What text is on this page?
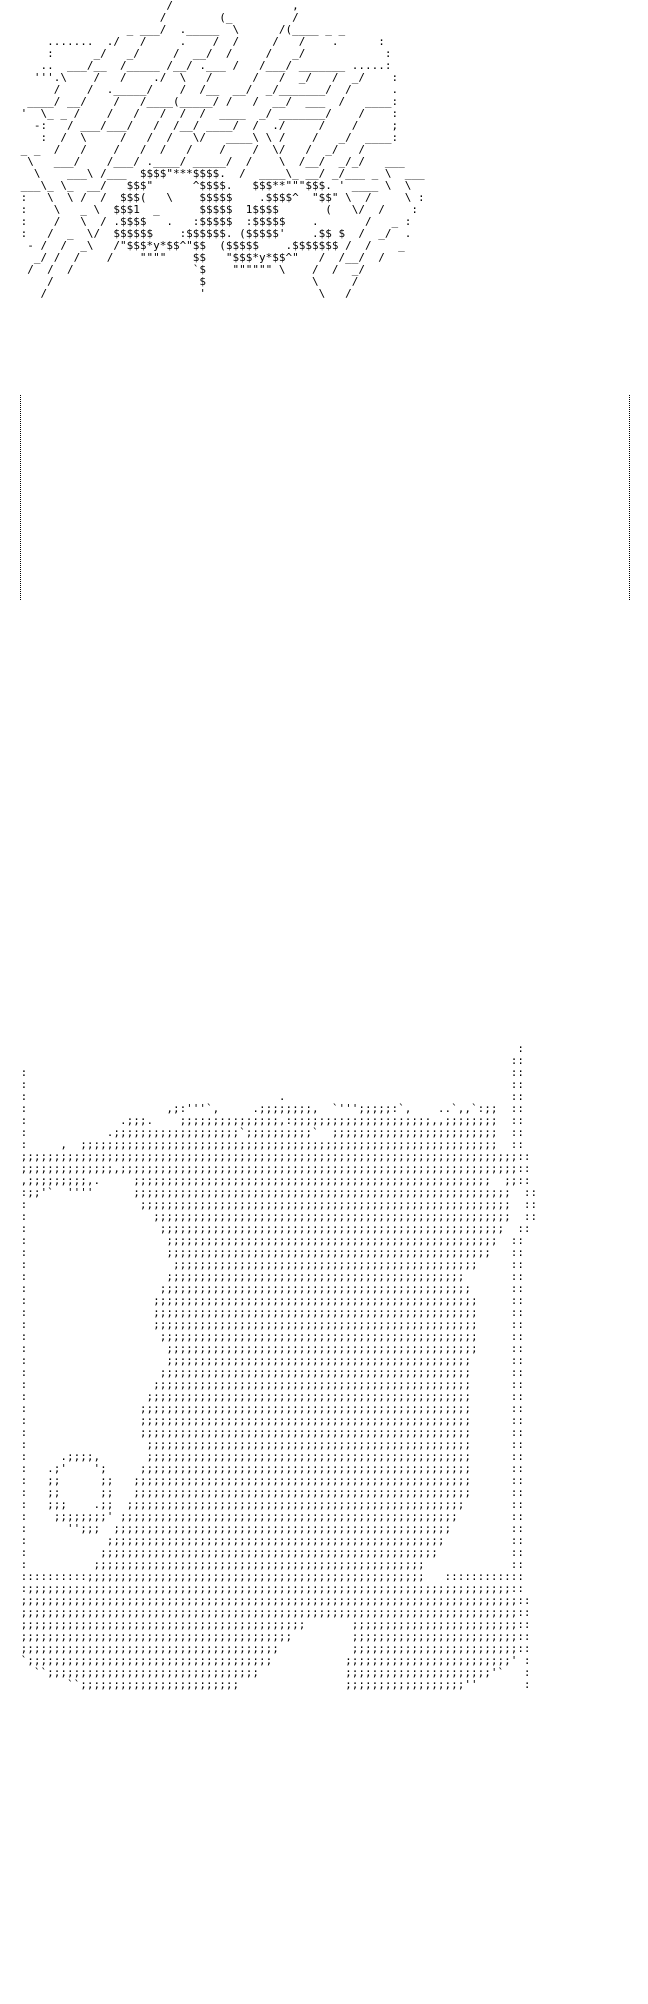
/                  ,
/        (_         /
_ ___/  ._____  \      /(____ _ _
.......  ./   /     .    /  /     /   /    .      :
:      _/   _/     /  __/  /     /   _/            :
..  ___/__  /_____ /__/ .___ /   /___/ _______ .....:
'''.\    /   /    ./  \   /      /   /  _/   /  _/    :
/    /  ._____/    /  /__  __/  _/_______/  /      .
____/ __/    /   /____(_____/ /   /  __/  ___  /   ____:
'  \_ _ /    /   /   /  /  /  ____  _/ _______/    /    :
-:   / ___/___/   /  /__/ ____/  /  ./     /    /     ;
:  /  \     /   /  /   \/   ____\ \ /    /   _/  ____:
_ _  /   /    /   /  /   /    /    /  \/   /  _/   /
\   ___/    /___/ .____/ _____/  /    \  /__/  _/_/   ___
\    ___\ /___  $$$$"***$$$$.  /  ____\_ __/ _/___ _ \  ___
___\_ \_  __/   $$$"      ^$$$$.   $$$**"""$$$. ' ____ \  \
:   \  \ /  /  $$$(   \    $$$$$    .$$$$^  "$$" \  /     \ :
:    \   _ \  $$$1  _      $$$$$  1$$$$       (   \/  /    :
:    /   \  / .$$$$   .   :$$$$$  :$$$$$    .       /   _ :
:   /  _  \/  $$$$$$    :$$$$$$. ($$$$$'    .$$ $  /  _/  .
- /  /  _\   /"$$$*y*$$^"$$  ($$$$$    .$$$$$$$ /  /    _
_/ /  /    /    """"    $$   "$$$*y*$$^"   /  /__/  /
/  /  /                  `$    """""" \    /  /  _/
/                      $                \     /
/                       '                 \   /

:
::
:                                                                         ::
:                                                                         ::
:                                      .                                  ::
:                     ,;:'''`,     .;;;;;;;;,  `''';;;;;:`,    ..`,,`:;;  ::
:              .;;;.    ;;;;;;;;;;;;;;;,:;;;;;;;;;;;;;;;;;;;;;,,;;;;;;;;  ::
:            .;;;;;;;;;;;;;;;;;;;`;;;;;;;;;;`  ;;;;;;;;;;;;;;;;;;;;;;;;;  ::
:     ,  ;;;;;;;;;;;;;;;;;;;;;;;;;;;;;;;;;;;;;;;;;;;;;;;;;;;;;;;;;;;;;;;  ::
;;;;;;;;;;;;;;;;;;;;;;;;;;;;;;;;;;;;;;;;;;;;;;;;;;;;;;;;;;;;;;;;;;;;;;;;;;;::
;;;;;;;;;;;;;;,;;;;;;;;;;;;;;;;;;;;;;;;;;;;;;;;;;;;;;;;;;;;;;;;;;;;;;;;;;;;::
,;;;;;;;;;,.     ;;;;;;;;;;;;;;;;;;;;;;;;;;;;;;;;;;;;;;;;;;;;;;;;;;;;;;  ;;::
:;;'`  ''''      ;;;;;;;;;;;;;;;;;;;;;;;;;;;;;;;;;;;;;;;;;;;;;;;;;;;;;;;;;  ::
:                 ;;;;;;;;;;;;;;;;;;;;;;;;;;;;;;;;;;;;;;;;;;;;;;;;;;;;;;;;  ::
:                   ;;;;;;;;;;;;;;;;;;;;;;;;;;;;;;;;;;;;;;;;;;;;;;;;;;;;;;  ::
:                    ;;;;;;;;;;;;;;;;;;;;;;;;;;;;;;;;;;;;;;;;;;;;;;;;;;;;  ::
:                     ;;;;;;;;;;;;;;;;;;;;;;;;;;;;;;;;;;;;;;;;;;;;;;;;;;  ::
:                     ;;;;;;;;;;;;;;;;;;;;;;;;;;;;;;;;;;;;;;;;;;;;;;;;;   ::
:                      ;;;;;;;;;;;;;;;;;;;;;;;;;;;;;;;;;;;;;;;;;;;;;;     ::
:                     ;;;;;;;;;;;;;;;;;;;;;;;;;;;;;;;;;;;;;;;;;;;;;       ::
:                    ;;;;;;;;;;;;;;;;;;;;;;;;;;;;;;;;;;;;;;;;;;;;;;;      ::
:                   ;;;;;;;;;;;;;;;;;;;;;;;;;;;;;;;;;;;;;;;;;;;;;;;;;     ::
:                   ;;;;;;;;;;;;;;;;;;;;;;;;;;;;;;;;;;;;;;;;;;;;;;;;;     ::
:                   ;;;;;;;;;;;;;;;;;;;;;;;;;;;;;;;;;;;;;;;;;;;;;;;;;     ::
:                    ;;;;;;;;;;;;;;;;;;;;;;;;;;;;;;;;;;;;;;;;;;;;;;;;     ::
:                     ;;;;;;;;;;;;;;;;;;;;;;;;;;;;;;;;;;;;;;;;;;;;;;;     ::
:                     ;;;;;;;;;;;;;;;;;;;;;;;;;;;;;;;;;;;;;;;;;;;;;;      ::
:                    ;;;;;;;;;;;;;;;;;;;;;;;;;;;;;;;;;;;;;;;;;;;;;;;      ::
:                   ;;;;;;;;;;;;;;;;;;;;;;;;;;;;;;;;;;;;;;;;;;;;;;;;      ::
:                  ;;;;;;;;;;;;;;;;;;;;;;;;;;;;;;;;;;;;;;;;;;;;;;;;;      ::
:                 ;;;;;;;;;;;;;;;;;;;;;;;;;;;;;;;;;;;;;;;;;;;;;;;;;;      ::
:                 ;;;;;;;;;;;;;;;;;;;;;;;;;;;;;;;;;;;;;;;;;;;;;;;;;;      ::
:                 ;;;;;;;;;;;;;;;;;;;;;;;;;;;;;;;;;;;;;;;;;;;;;;;;;;      ::
:                  ;;;;;;;;;;;;;;;;;;;;;;;;;;;;;;;;;;;;;;;;;;;;;;;;;      ::
:     .;;;;,       ;;;;;;;;;;;;;;;;;;;;;;;;;;;;;;;;;;;;;;;;;;;;;;;;;      ::
:   .;'    ';     ;;;;;;;;;;;;;;;;;;;;;;;;;;;;;;;;;;;;;;;;;;;;;;;;;;      ::
:   ;;      ;;   ;;;;;;;;;;;;;;;;;;;;;;;;;;;;;;;;;;;;;;;;;;;;;;;;;;;      ::
:   ;;      ;;   ;;;;;;;;;;;;;;;;;;;;;;;;;;;;;;;;;;;;;;;;;;;;;;;;;;;      ::
:   ;;;    .;;  ;;;;;;;;;;;;;;;;;;;;;;;;;;;;;;;;;;;;;;;;;;;;;;;;;;;       ::
:    ;;;;;;;;' ;;;;;;;;;;;;;;;;;;;;;;;;;;;;;;;;;;;;;;;;;;;;;;;;;;;        ::
:      '';;;  ;;;;;;;;;;;;;;;;;;;;;;;;;;;;;;;;;;;;;;;;;;;;;;;;;;;         ::
:            ;;;;;;;;;;;;;;;;;;;;;;;;;;;;;;;;;;;;;;;;;;;;;;;;;;;          ::
:           ;;;;;;;;;;;;;;;;;;;;;;;;;;;;;;;;;;;;;;;;;;;;;;;;;;;           ::
:          ;;;;;;;;;;;;;;;;;;;;;;;;;;;;;;;;;;;;;;;;;;;;;;;;;;             ::
::::::::::;;;;;;;;;;;;;;;;;;;;;;;;;;;;;;;;;;;;;;;;;;;;;;;;;;;   ::::::::::::
:;;;;;;;;;;;;;;;;;;;;;;;;;;;;;;;;;;;;;;;;;;;;;;;;;;;;;;;;;;;;;;;;;;;;;;;;;::
;;;;;;;;;;;;;;;;;;;;;;;;;;;;;;;;;;;;;;;;;;;;;;;;;;;;;;;;;;;;;;;;;;;;;;;;;;;::
;;;;;;;;;;;;;;;;;;;;;;;;;;;;;;;;;;;;;;;;;;;;;;;;;;;;;;;;;;;;;;;;;;;;;;;;;;;::
;;;;;;;;;;;;;;;;;;;;;;;;;;;;;;;;;;;;;;;;;;;       ;;;;;;;;;;;;;;;;;;;;;;;;;::
;;;;;;;;;;;;;;;;;;;;;;;;;;;;;;;;;;;;;;;;;         ;;;;;;;;;;;;;;;;;;;;;;;;;::
;;;;;;;;;;;;;;;;;;;;;;;;;;;;;;;;;;;;;;;           ;;;;;;;;;;;;;;;;;;;;;;;;;::
`;;;;;;;;;;;;;;;;;;;;;;;;;;;;;;;;;;;;;           ;;;;;;;;;;;;;;;;;;;;;;;;;' :
``;;;;;;;;;;;;;;;;;;;;;;;;;;;;;;;;             ;;;;;;;;;;;;;;;;;;;;;;'`   :
``;;;;;;;;;;;;;;;;;;;;;;;;                ;;;;;;;;;;;;;;;;;;''       :
